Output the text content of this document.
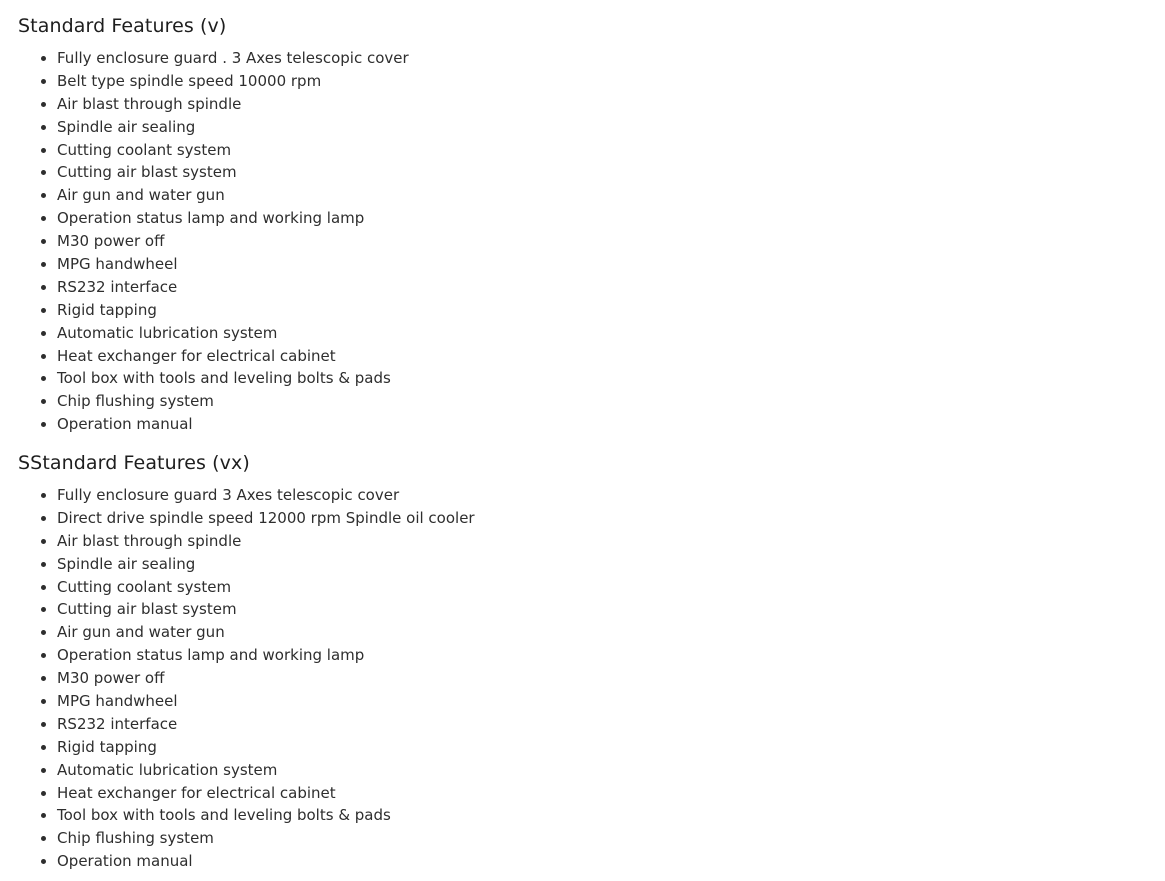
Standard Features (v)
Fully enclosure guard . 3 Axes telescopic cover
Belt type spindle speed 10000 rpm
Air blast through spindle
Spindle air sealing
Cutting coolant system
Cutting air blast system
Air gun and water gun
Operation status lamp and working lamp
M30 power off
MPG handwheel
RS232 interface
Rigid tapping
Automatic lubrication system
Heat exchanger for electrical cabinet
Tool box with tools and leveling bolts & pads
Chip flushing system
Operation manual
SStandard Features (vx)
Fully enclosure guard 3 Axes telescopic cover
Direct drive spindle speed 12000 rpm Spindle oil cooler
Air blast through spindle
Spindle air sealing
Cutting coolant system
Cutting air blast system
Air gun and water gun
Operation status lamp and working lamp
M30 power off
MPG handwheel
RS232 interface
Rigid tapping
Automatic lubrication system
Heat exchanger for electrical cabinet
Tool box with tools and leveling bolts & pads
Chip flushing system
Operation manual
